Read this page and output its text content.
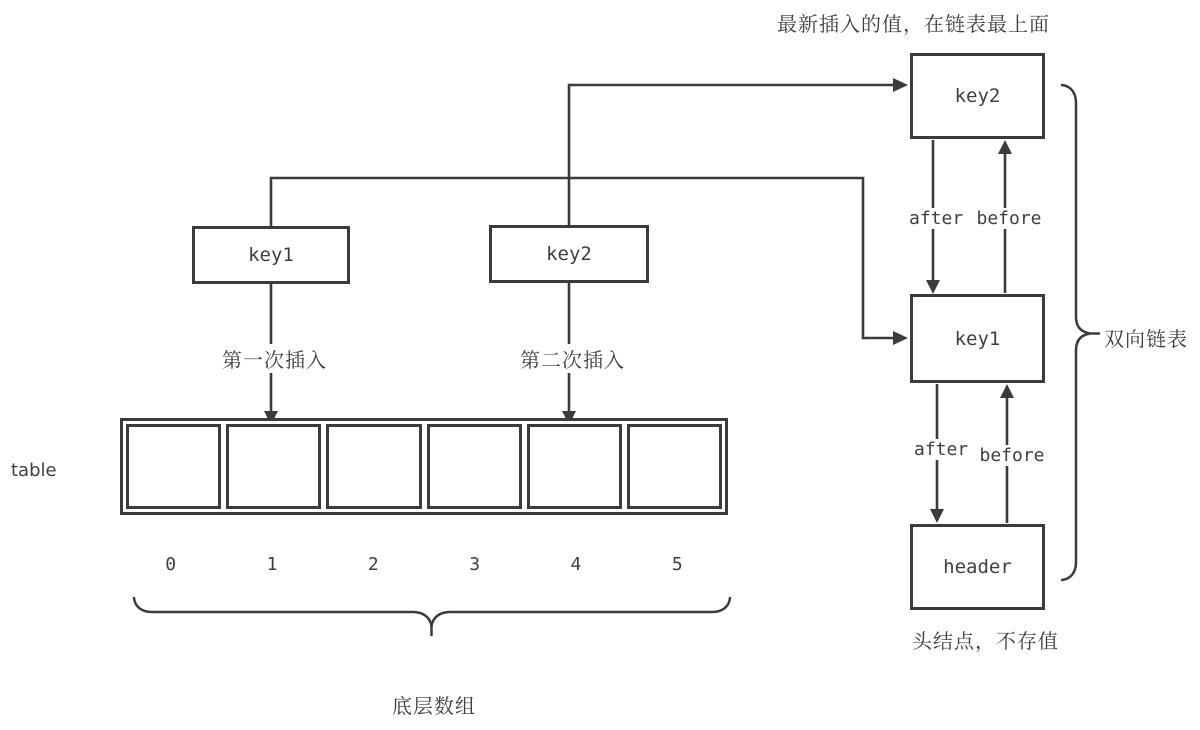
最新插入的值，在链表最上面
key1	key2
第一次插入	第二次插入
table
0	1	2	3	4	5
底层数组
key2
key1
header
after before
after before
双向链表
头结点，不存值
